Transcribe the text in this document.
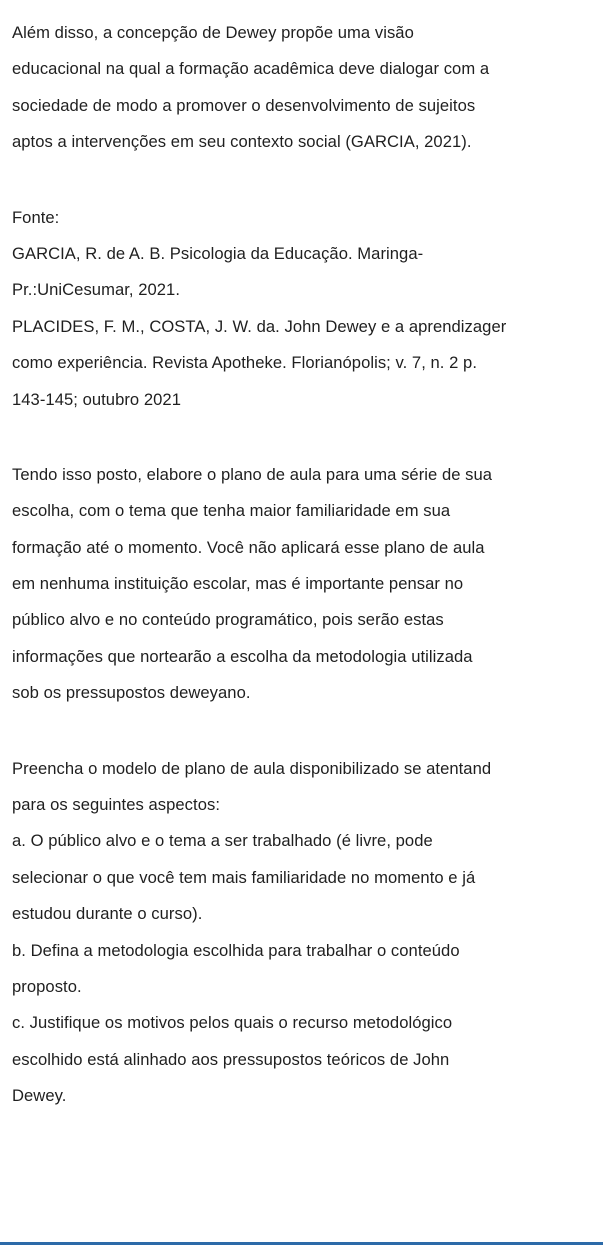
Além disso, a concepção de Dewey propõe uma visão
educacional na qual a formação acadêmica deve dialogar com a
sociedade de modo a promover o desenvolvimento de sujeitos
aptos a intervenções em seu contexto social (GARCIA, 2021).
Fonte:
GARCIA, R. de A. B. Psicologia da Educação. Maringa-
Pr.:UniCesumar, 2021.
PLACIDES, F. M., COSTA, J. W. da. John Dewey e a aprendizager
como experiência. Revista Apotheke. Florianópolis; v. 7, n. 2 p.
143-145; outubro 2021
Tendo isso posto, elabore o plano de aula para uma série de sua
escolha, com o tema que tenha maior familiaridade em sua
formação até o momento. Você não aplicará esse plano de aula
em nenhuma instituição escolar, mas é importante pensar no
público alvo e no conteúdo programático, pois serão estas
informações que nortearão a escolha da metodologia utilizada
sob os pressupostos deweyano.
Preencha o modelo de plano de aula disponibilizado se atentand
para os seguintes aspectos:
a. O público alvo e o tema a ser trabalhado (é livre, pode
selecionar o que você tem mais familiaridade no momento e já
estudou durante o curso).
b. Defina a metodologia escolhida para trabalhar o conteúdo
proposto.
c. Justifique os motivos pelos quais o recurso metodológico
escolhido está alinhado aos pressupostos teóricos de John
Dewey.
